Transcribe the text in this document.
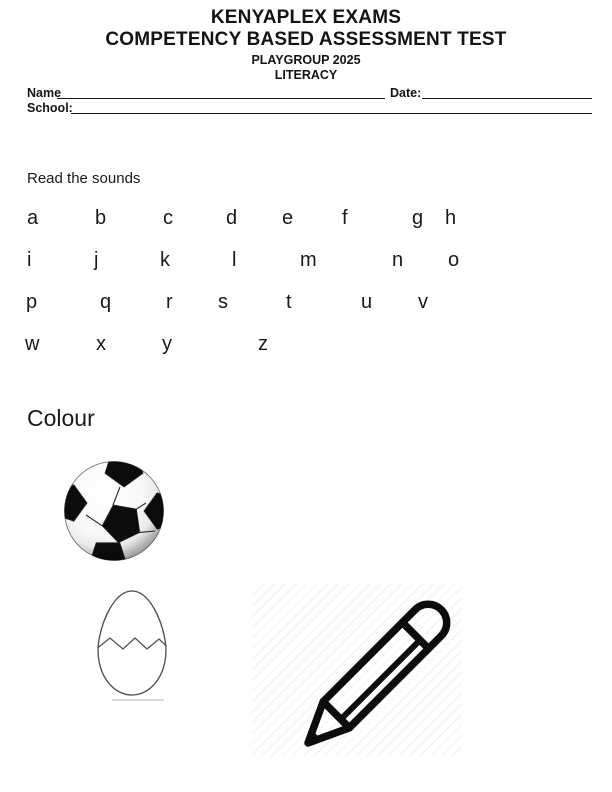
KENYAPLEX EXAMS
COMPETENCY BASED ASSESSMENT TEST
PLAYGROUP 2025
LITERACY
Name	Date:
School:
Read the sounds
a	b	c	d e f	g h
i	j	k	l	m	n o
p	q	r s	t	u v
w	x	y	z
Colour
